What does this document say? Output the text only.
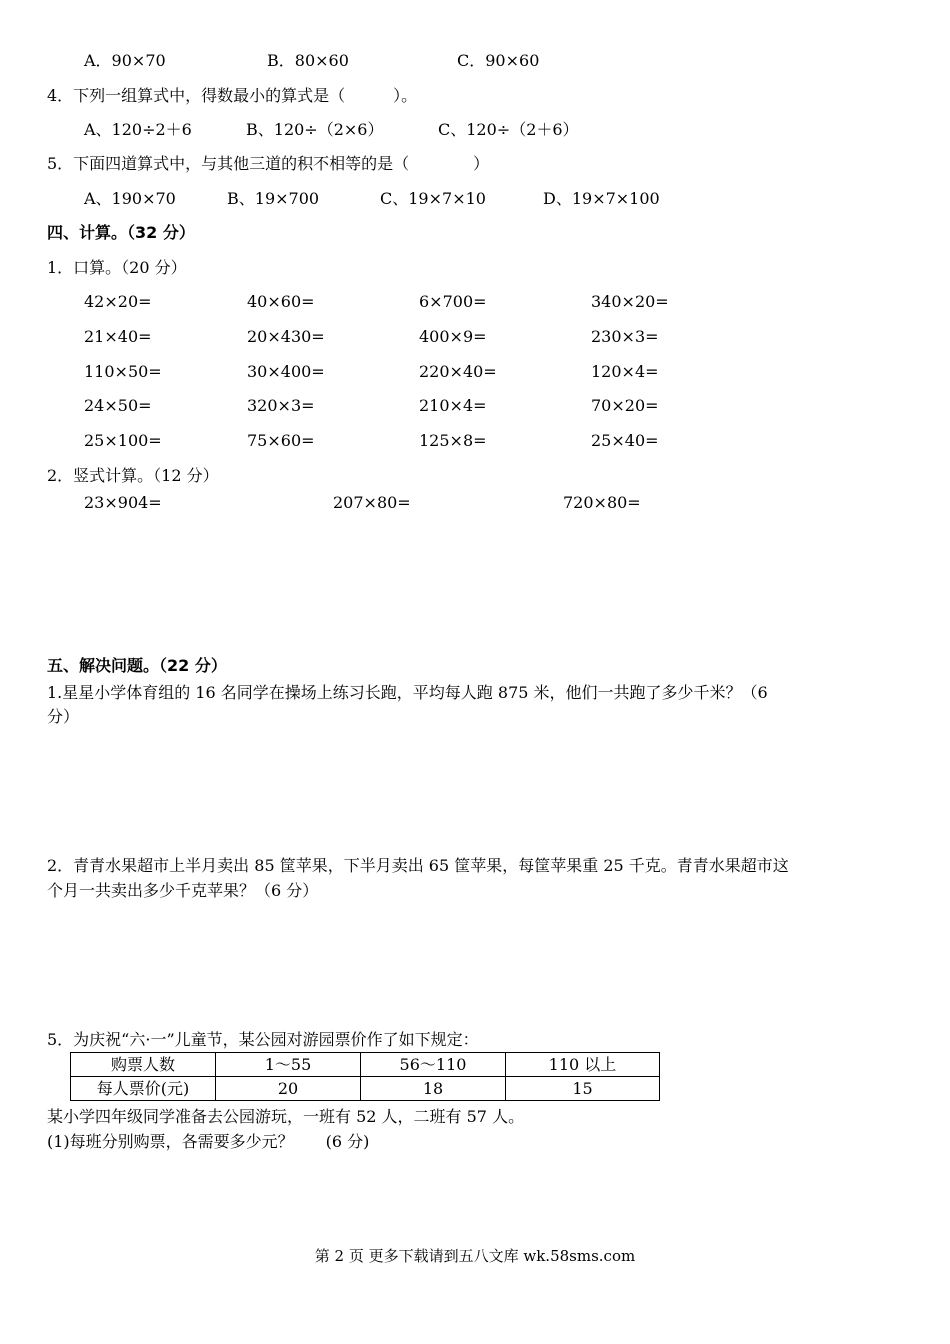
A．90×70	B．80×60	C．90×60
4．下列一组算式中，得数最小的算式是（　　　）。
A、120÷2＋6	B、120÷（2×6）	C、120÷（2＋6）
5．下面四道算式中，与其他三道的积不相等的是（　　　　）
A、190×70	B、19×700	C、19×7×10	D、19×7×100
四、计算。（32 分）
1．口算。（20 分）
42×20=	40×60=	6×700=	340×20=
21×40=	20×430=	400×9=	230×3=
110×50=	30×400=	220×40=	120×4=
24×50=	320×3=	210×4=	70×20=
25×100=	75×60=	125×8=	25×40=
2．竖式计算。（12 分）
23×904=	207×80=	720×80=
五、解决问题。（22 分）
1.星星小学体育组的 16 名同学在操场上练习长跑，平均每人跑 875 米，他们一共跑了多少千米？（6
分）
2．青青水果超市上半月卖出 85 筐苹果，下半月卖出 65 筐苹果，每筐苹果重 25 千克。青青水果超市这
个月一共卖出多少千克苹果？（6 分）
5．为庆祝“六·一”儿童节，某公园对游园票价作了如下规定：
购票人数	1～55	56～110	110 以上
每人票价(元)	20	18	15
某小学四年级同学准备去公园游玩，一班有 52 人，二班有 57 人。
(1)每班分别购票，各需要多少元？　　(6 分)
第 2 页 更多下载请到五八文库 wk.58sms.com
